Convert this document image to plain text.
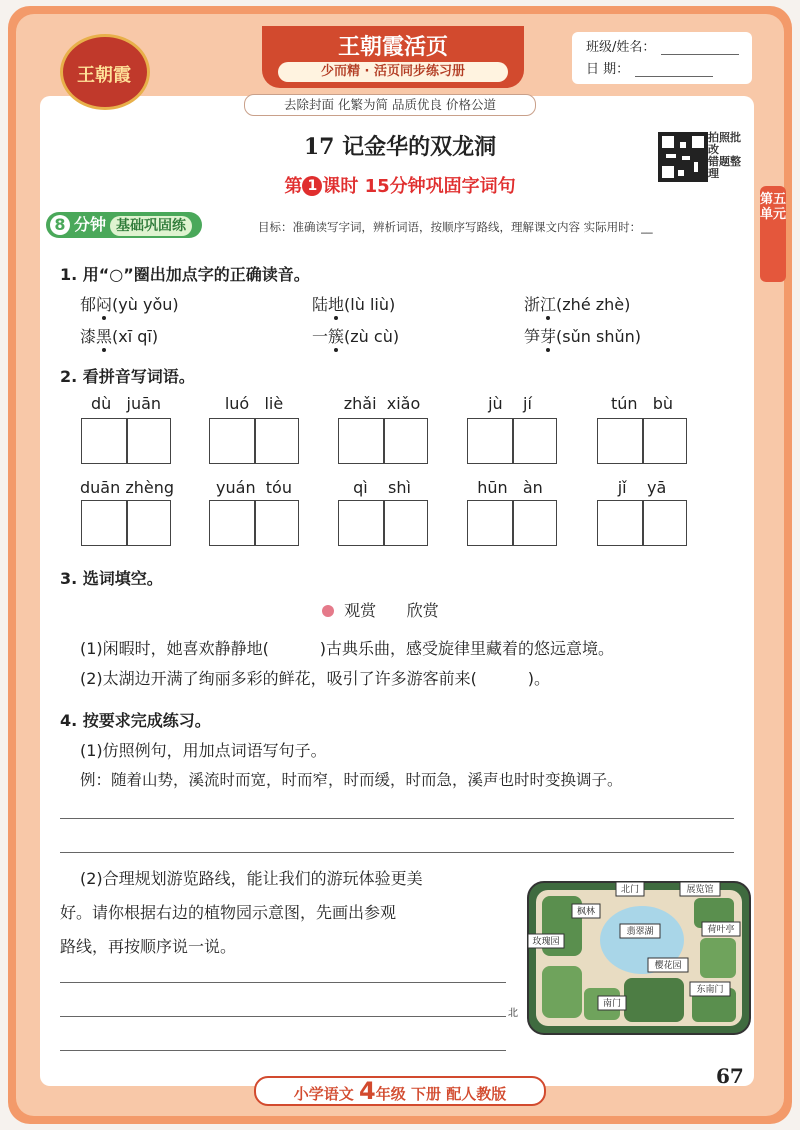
王朝霞
王朝霞活页
少而精 · 活页同步练习册
去除封面 化繁为简 品质优良 价格公道
班级/姓名：
日 期：
17 记金华的双龙洞
第 1 课时 15分钟巩固字词句
拍照批改
错题整理
第五单元
8 分钟 基础巩固练	目标：准确读写字词，辨析词语，按顺序写路线，理解课文内容 实际用时：__
1. 用“○”圈出加点字的正确读音。
郁闷(yù yǒu)	陆地(lù liù)	浙江(zhé zhè)
漆黑(xī qī)	一簇(zù cù)	笋芽(sǔn shǔn)
2. 看拼音写词语。
dù   juān	luó   liè	zhǎi  xiǎo	jù    jí	tún   bù
duān zhèng	yuán  tóu	qì    shì	hūn   àn	jǐ    yā
3. 选词填空。
观赏      欣赏
(1)闲暇时，她喜欢静静地(          )古典乐曲，感受旋律里藏着的悠远意境。
(2)太湖边开满了绚丽多彩的鲜花，吸引了许多游客前来(          )。
4. 按要求完成练习。
(1)仿照例句，用加点词语写句子。
例：随着山势，溪流时而宽，时而窄，时而缓，时而急，溪声也时时变换调子。
(2)合理规划游览路线，能让我们的游玩体验更美
好。请你根据右边的植物园示意图，先画出参观
路线，再按顺序说一说。
北门	展览馆
枫林
翡翠湖	荷叶亭
玫瑰园
樱花园
南门
东南门
北
67
小学语文 4年级 下册 配人教版
